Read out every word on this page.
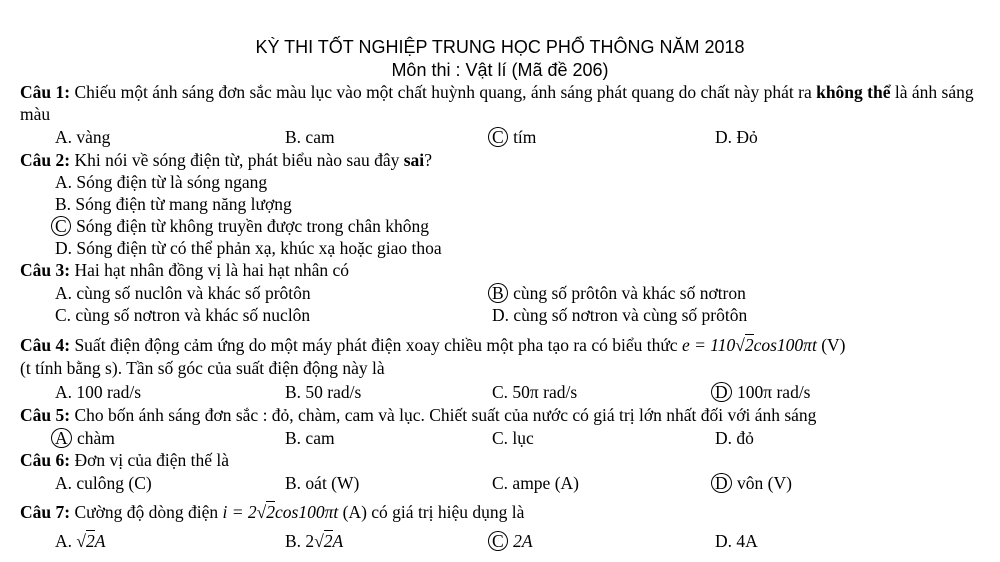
KỲ THI TỐT NGHIỆP TRUNG HỌC PHỔ THÔNG NĂM 2018
Môn thi : Vật lí (Mã đề 206)
Câu 1: Chiếu một ánh sáng đơn sắc màu lục vào một chất huỳnh quang, ánh sáng phát quang do chất này phát ra không thể là ánh sáng màu
A. vàng	B. cam	C tím	D. Đỏ
Câu 2: Khi nói về sóng điện từ, phát biểu nào sau đây sai?
A. Sóng điện từ là sóng ngang
B. Sóng điện từ mang năng lượng
C Sóng điện từ không truyền được trong chân không
D. Sóng điện từ có thể phản xạ, khúc xạ hoặc giao thoa
Câu 3: Hai hạt nhân đồng vị là hai hạt nhân có
A. cùng số nuclôn và khác số prôtôn	B cùng số prôtôn và khác số nơtron
C. cùng số nơtron và khác số nuclôn	D. cùng số nơtron và cùng số prôtôn
Câu 4: Suất điện động cảm ứng do một máy phát điện xoay chiều một pha tạo ra có biểu thức e = 110√2cos100πt (V)
(t tính bằng s). Tần số góc của suất điện động này là
A. 100 rad/s	B. 50 rad/s	C. 50π rad/s	D 100π rad/s
Câu 5: Cho bốn ánh sáng đơn sắc : đỏ, chàm, cam và lục. Chiết suất của nước có giá trị lớn nhất đối với ánh sáng
A chàm	B. cam	C. lục	D. đỏ
Câu 6: Đơn vị của điện thế là
A. culông (C)	B. oát (W)	C. ampe (A)	D vôn (V)
Câu 7: Cường độ dòng điện i = 2√2cos100πt (A) có giá trị hiệu dụng là
A. √2A	B. 2√2A	C 2A	D. 4A
